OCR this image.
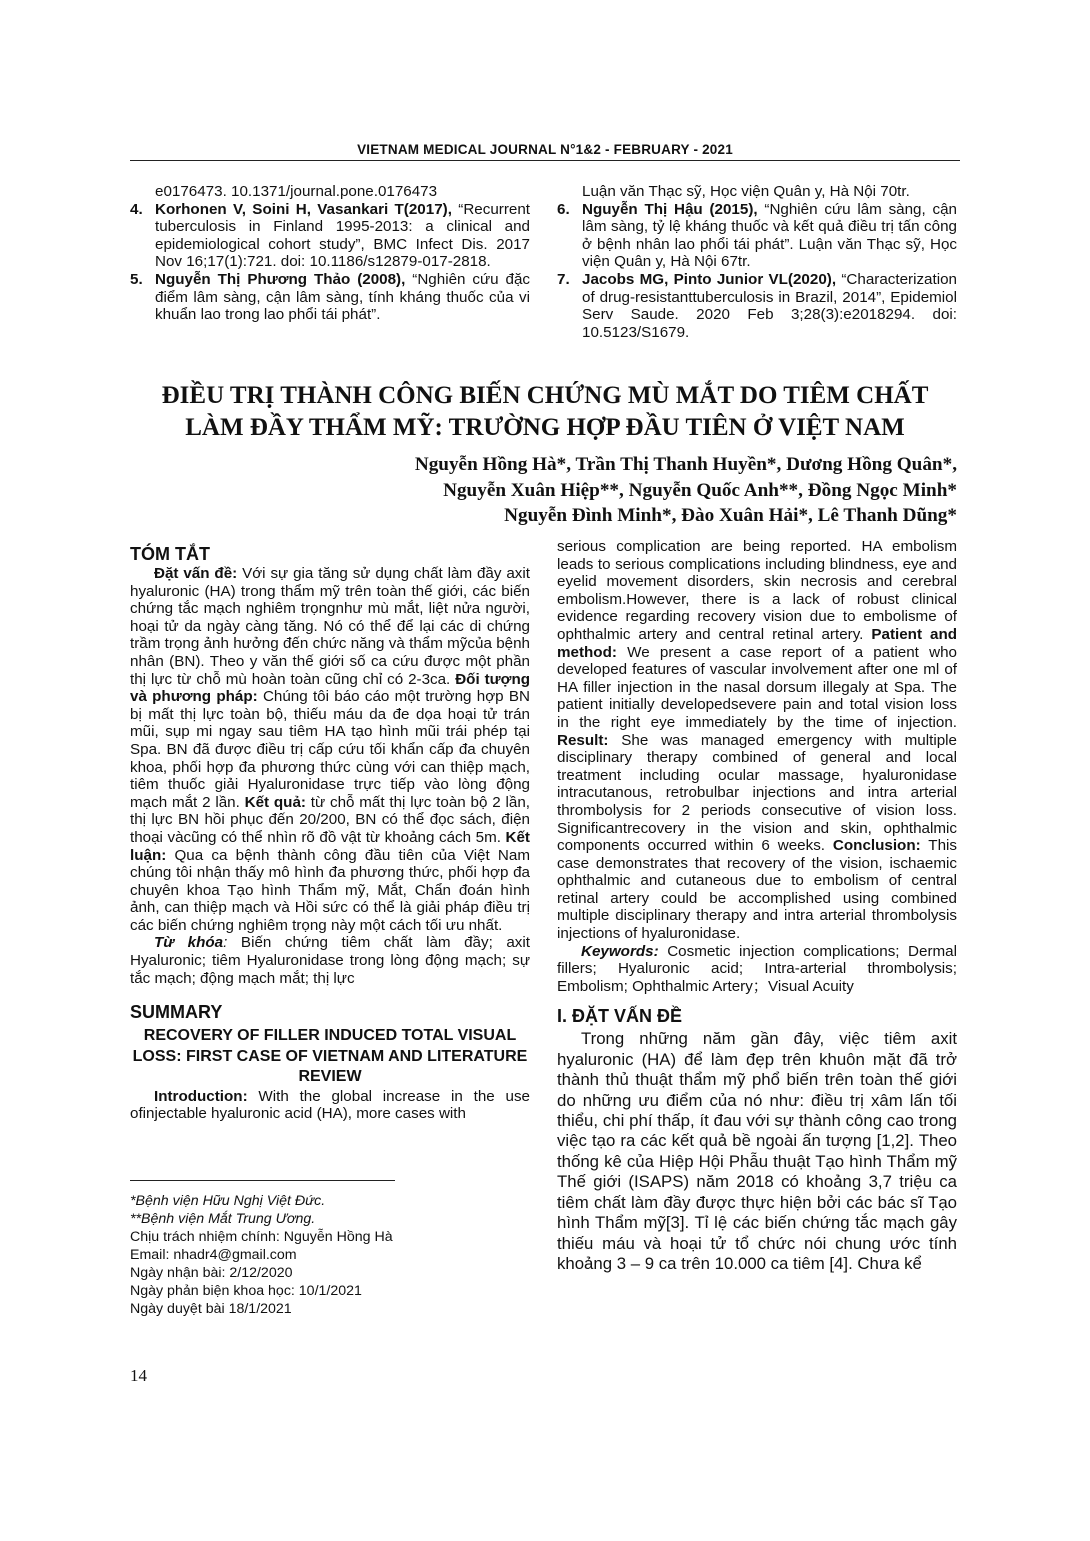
VIETNAM MEDICAL JOURNAL N°1&2 - FEBRUARY - 2021

e0176473. 10.1371/journal.pone.0176473

4. Korhonen V, Soini H, Vasankari T(2017), “Recurrent tuberculosis in Finland 1995-2013: a clinical and epidemiological cohort study”, BMC Infect Dis. 2017 Nov 16;17(1):721. doi: 10.1186/s12879-017-2818.

5. Nguyễn Thị Phương Thảo (2008), “Nghiên cứu đặc điểm lâm sàng, cận lâm sàng, tính kháng thuốc của vi khuẩn lao trong lao phổi tái phát”.

Luận văn Thạc sỹ, Học viện Quân y, Hà Nội 70tr.

6. Nguyễn Thị Hậu (2015), “Nghiên cứu lâm sàng, cận lâm sàng, tỷ lệ kháng thuốc và kết quả điều trị tấn công ở bệnh nhân lao phổi tái phát”. Luận văn Thạc sỹ, Học viện Quân y, Hà Nội 67tr.

7. Jacobs MG, Pinto Junior VL(2020), “Characterization of drug-resistanttuberculosis in Brazil, 2014”, Epidemiol Serv Saude. 2020 Feb 3;28(3):e2018294. doi: 10.5123/S1679.

ĐIỀU TRỊ THÀNH CÔNG BIẾN CHỨNG MÙ MẮT DO TIÊM CHẤT
LÀM ĐẦY THẨM MỸ: TRƯỜNG HỢP ĐẦU TIÊN Ở VIỆT NAM
Nguyễn Hồng Hà*, Trần Thị Thanh Huyền*, Dương Hồng Quân*,
Nguyễn Xuân Hiệp**, Nguyễn Quốc Anh**, Đồng Ngọc Minh*
Nguyễn Đình Minh*, Đào Xuân Hải*, Lê Thanh Dũng*
TÓM TẮT

Đặt vấn đề: Với sự gia tăng sử dụng chất làm đầy axit hyaluronic (HA) trong thẩm mỹ trên toàn thế giới, các biến chứng tắc mạch nghiêm trọngnhư mù mắt, liệt nửa người, hoại tử da ngày càng tăng. Nó có thể để lại các di chứng trầm trọng ảnh hưởng đến chức năng và thẩm mỹcủa bệnh nhân (BN). Theo y văn thế giới số ca cứu được một phần thị lực từ chỗ mù hoàn toàn cũng chỉ có 2-3ca. Đối tượng và phương pháp: Chúng tôi báo cáo một trường hợp BN bị mất thị lực toàn bộ, thiếu máu da đe dọa hoại tử trán mũi, sụp mi ngay sau tiêm HA tạo hình mũi trái phép tại Spa. BN đã được điều trị cấp cứu tối khẩn cấp đa chuyên khoa, phối hợp đa phương thức cùng với can thiệp mạch, tiêm thuốc giải Hyaluronidase trực tiếp vào lòng động mạch mắt 2 lần. Kết quả: từ chỗ mất thị lực toàn bộ 2 lần, thị lực BN hồi phục đến 20/200, BN có thể đọc sách, điện thoại vàcũng có thể nhìn rõ đồ vật từ khoảng cách 5m. Kết luận: Qua ca bệnh thành công đầu tiên của Việt Nam chúng tôi nhận thấy mô hình đa phương thức, phối hợp đa chuyên khoa Tạo hình Thẩm mỹ, Mắt, Chẩn đoán hình ảnh, can thiệp mạch và Hồi sức có thể là giải pháp điều trị các biến chứng nghiêm trọng này một cách tối ưu nhất.

Từ khóa: Biến chứng tiêm chất làm đầy; axit Hyaluronic; tiêm Hyaluronidase trong lòng động mạch; sự tắc mạch; động mạch mắt; thị lực

SUMMARY
RECOVERY OF FILLER INDUCED TOTAL VISUAL LOSS: FIRST CASE OF VIETNAM AND LITERATURE REVIEW

Introduction: With the global increase in the use ofinjectable hyaluronic acid (HA), more cases with

serious complication are being reported. HA embolism leads to serious complications including blindness, eye and eyelid movement disorders, skin necrosis and cerebral embolism.However, there is a lack of robust clinical evidence regarding recovery vision due to embolisme of ophthalmic artery and central retinal artery. Patient and method: We present a case report of a patient who developed features of vascular involvement after one ml of HA filler injection in the nasal dorsum illegaly at Spa. The patient initially developedsevere pain and total vision loss in the right eye immediately by the time of injection. Result: She was managed emergency with multiple disciplinary therapy combined of general and local treatment including ocular massage, hyaluronidase intracutanous, retrobulbar injections and intra arterial thrombolysis for 2 periods consecutive of vision loss. Significantrecovery in the vision and skin, ophthalmic components occurred within 6 weeks. Conclusion: This case demonstrates that recovery of the vision, ischaemic ophthalmic and cutaneous due to embolism of central retinal artery could be accomplished using combined multiple disciplinary therapy and intra arterial thrombolysis injections of hyaluronidase.

Keywords: Cosmetic injection complications; Dermal fillers; Hyaluronic acid; Intra-arterial thrombolysis; Embolism; Ophthalmic Artery；Visual Acuity

I. ĐẶT VẤN ĐỀ

Trong những năm gần đây, việc tiêm axit hyaluronic (HA) để làm đẹp trên khuôn mặt đã trở thành thủ thuật thẩm mỹ phổ biến trên toàn thế giới do những ưu điểm của nó như: điều trị xâm lấn tối thiểu, chi phí thấp, ít đau với sự thành công cao trong việc tạo ra các kết quả bề ngoài ấn tượng [1,2]. Theo thống kê của Hiệp Hội Phẫu thuật Tạo hình Thẩm mỹ Thế giới (ISAPS) năm 2018 có khoảng 3,7 triệu ca tiêm chất làm đầy được thực hiện bởi các bác sĩ Tạo hình Thẩm mỹ[3]. Tỉ lệ các biến chứng tắc mạch gây thiếu máu và hoại tử tổ chức nói chung ước tính khoảng 3 – 9 ca trên 10.000 ca tiêm [4]. Chưa kể

*Bệnh viện Hữu Nghị Việt Đức.
**Bệnh viện Mắt Trung Ương.
Chịu trách nhiệm chính: Nguyễn Hồng Hà
Email: nhadr4@gmail.com
Ngày nhận bài: 2/12/2020
Ngày phản biện khoa học: 10/1/2021
Ngày duyệt bài 18/1/2021
14
